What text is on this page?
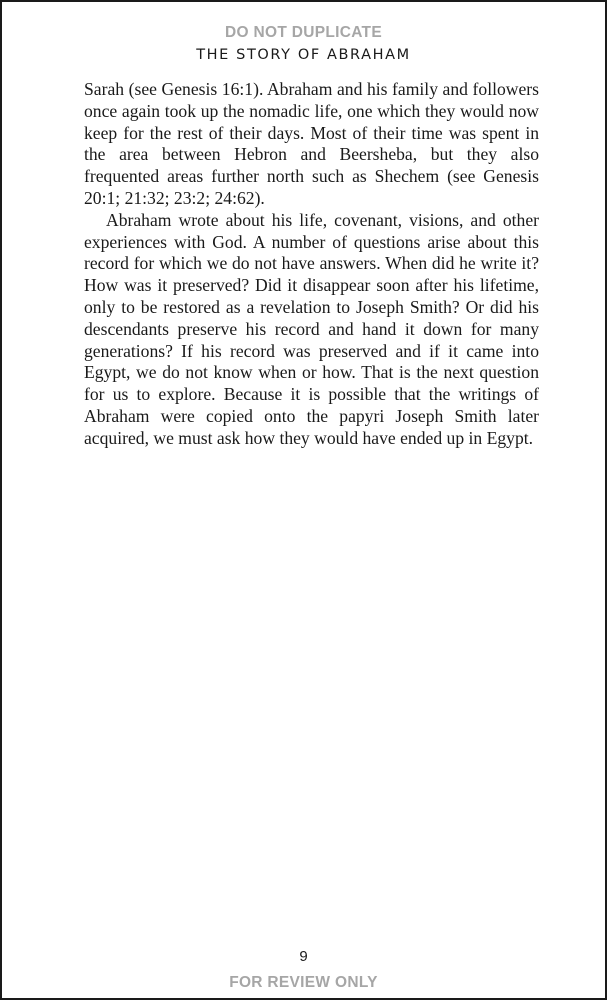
DO NOT DUPLICATE
THE STORY OF ABRAHAM

Sarah (see Genesis 16:1). Abraham and his family and followers once again took up the nomadic life, one which they would now keep for the rest of their days. Most of their time was spent in the area between Hebron and Beersheba, but they also frequented areas further north such as Shechem (see Genesis 20:1; 21:32; 23:2; 24:62).

Abraham wrote about his life, covenant, visions, and other experiences with God. A number of questions arise about this record for which we do not have answers. When did he write it? How was it preserved? Did it disappear soon after his lifetime, only to be restored as a revelation to Joseph Smith? Or did his descendants preserve his record and hand it down for many generations? If his record was preserved and if it came into Egypt, we do not know when or how. That is the next question for us to explore. Because it is possible that the writings of Abraham were copied onto the papyri Joseph Smith later acquired, we must ask how they would have ended up in Egypt.

9
FOR REVIEW ONLY
